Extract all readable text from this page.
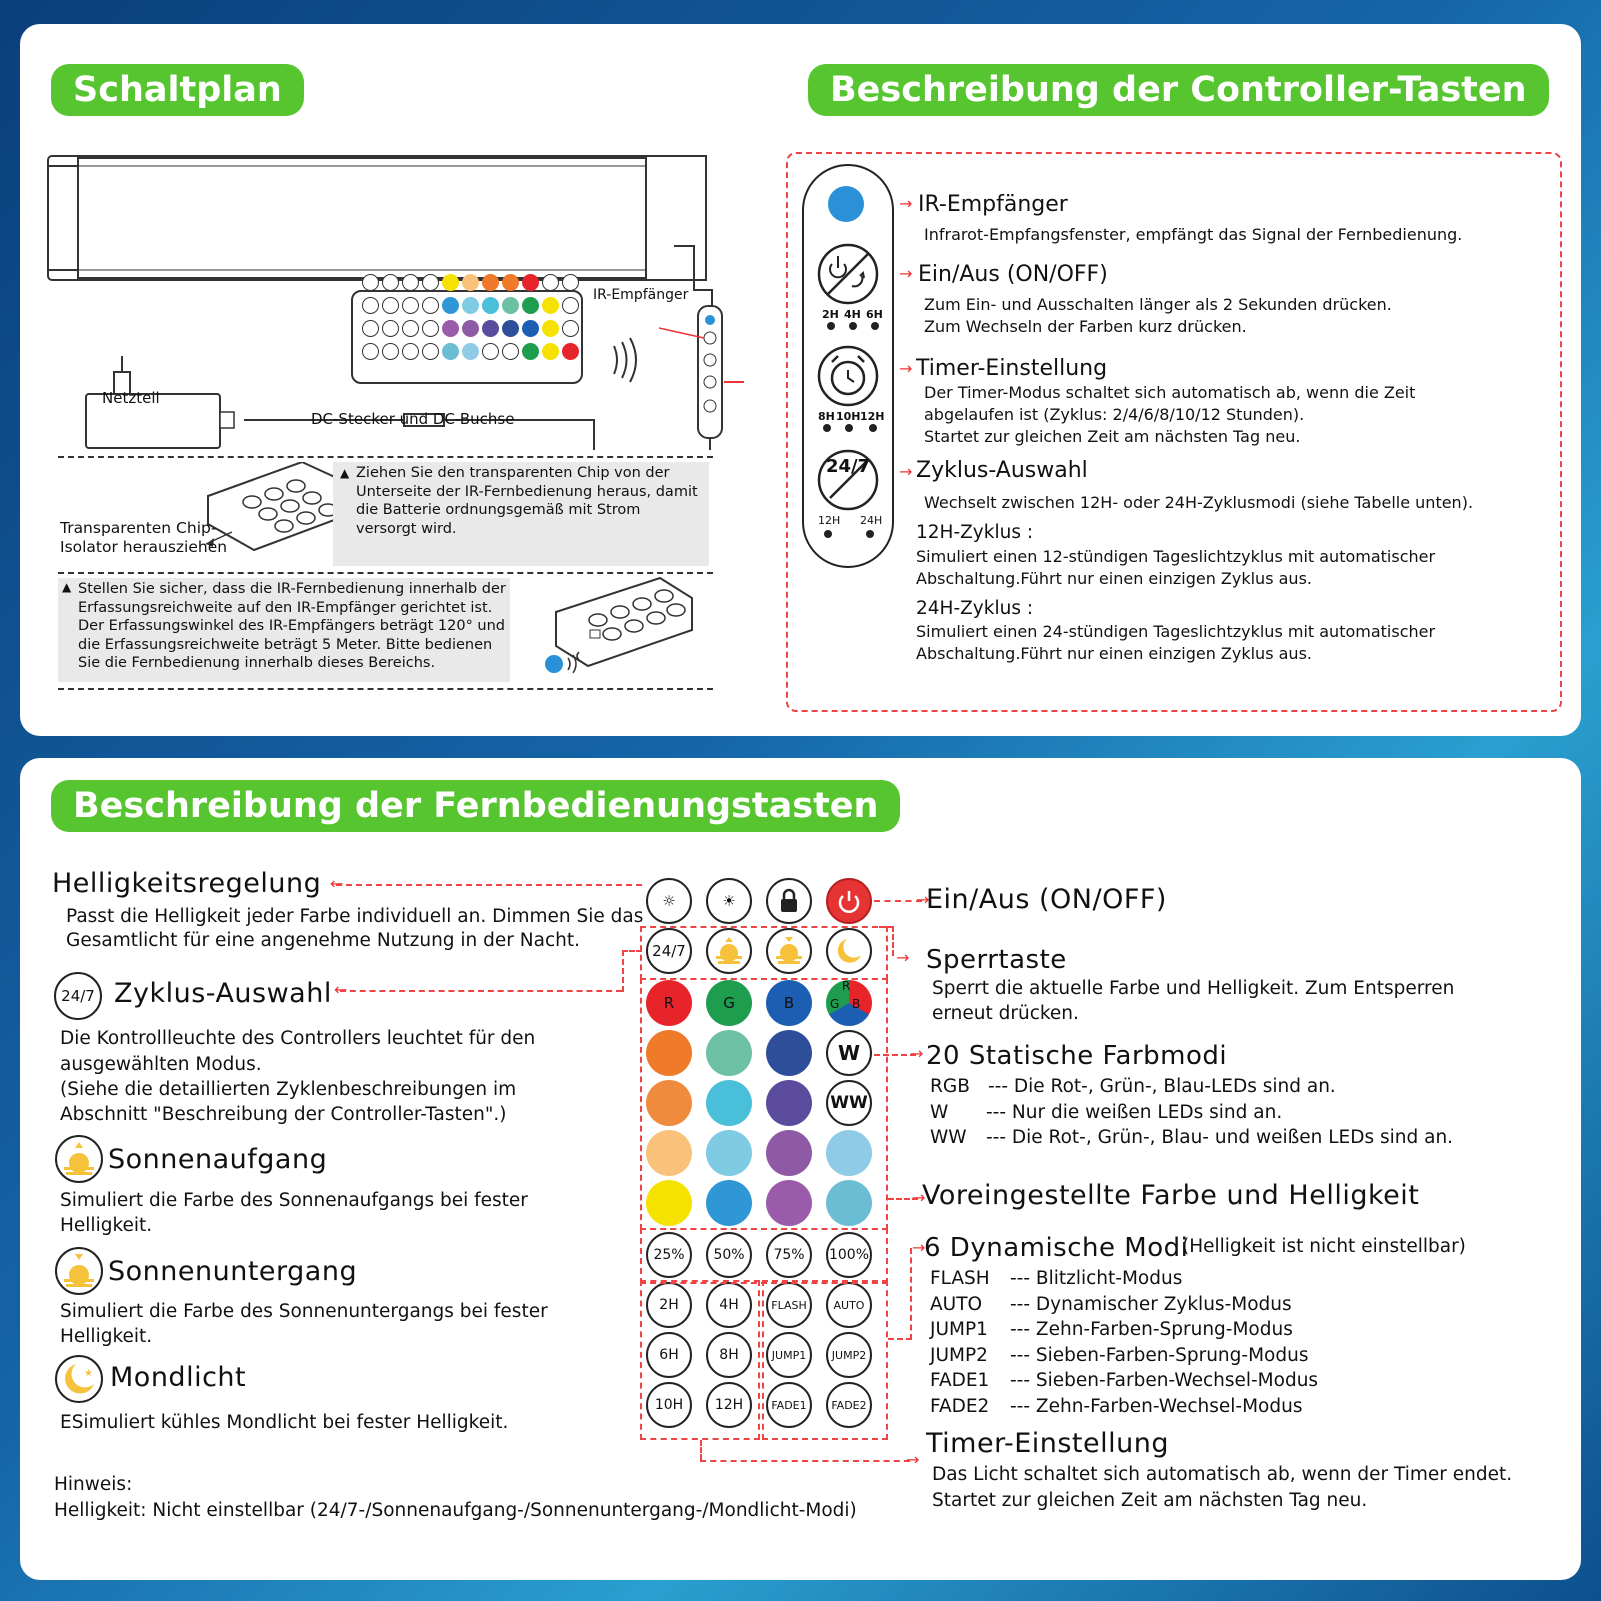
Schaltplan	Beschreibung der Controller-Tasten
IR-Empfänger
Netzteil
DC-Stecker und DC-Buchse
▲ Ziehen Sie den transparenten Chip von der Unterseite der IR-Fernbedienung heraus, damit die Batterie ordnungsgemäß mit Strom versorgt wird.
Transparenten Chip-
Isolator herausziehen
▲ Stellen Sie sicher, dass die IR-Fernbedienung innerhalb der Erfassungsreichweite auf den IR-Empfänger gerichtet ist. Der Erfassungswinkel des IR-Empfängers beträgt 120° und die Erfassungsreichweite beträgt 5 Meter. Bitte bedienen Sie die Fernbedienung innerhalb dieses Bereichs.
2H 4H 6H
8H 10H 12H
24/7
12H 24H
→ IR-Empfänger
Infrarot-Empfangsfenster, empfängt das Signal der Fernbedienung.
→ Ein/Aus (ON/OFF)
Zum Ein- und Ausschalten länger als 2 Sekunden drücken.
Zum Wechseln der Farben kurz drücken.
→ Timer-Einstellung
Der Timer-Modus schaltet sich automatisch ab, wenn die Zeit
abgelaufen ist (Zyklus: 2/4/6/8/10/12 Stunden).
Startet zur gleichen Zeit am nächsten Tag neu.
→ Zyklus-Auswahl
Wechselt zwischen 12H- oder 24H-Zyklusmodi (siehe Tabelle unten).
12H-Zyklus :
Simuliert einen 12-stündigen Tageslichtzyklus mit automatischer
Abschaltung.Führt nur einen einzigen Zyklus aus.
24H-Zyklus :
Simuliert einen 24-stündigen Tageslichtzyklus mit automatischer
Abschaltung.Führt nur einen einzigen Zyklus aus.
Beschreibung der Fernbedienungstasten
Helligkeitsregelung
Passt die Helligkeit jeder Farbe individuell an. Dimmen Sie das
Gesamtlicht für eine angenehme Nutzung in der Nacht.
24/7 Zyklus-Auswahl
Die Kontrollleuchte des Controllers leuchtet für den
ausgewählten Modus.
(Siehe die detaillierten Zyklenbeschreibungen im
Abschnitt "Beschreibung der Controller-Tasten".)
Sonnenaufgang
Simuliert die Farbe des Sonnenaufgangs bei fester
Helligkeit.
Sonnenuntergang
Simuliert die Farbe des Sonnenuntergangs bei fester
Helligkeit.
★ Mondlicht
ESimuliert kühles Mondlicht bei fester Helligkeit.
Hinweis:
Helligkeit: Nicht einstellbar (24/7-/Sonnenaufgang-/Sonnenuntergang-/Mondlicht-Modi)
☼	☀
24/7
R	G	B
R
G B
W
WW
25%	50%	75%	100%
2H	4H
6H	8H
10H	12H
FLASH	AUTO
JUMP1	JUMP2
FADE1	FADE2
←
←
→
→
→
→
→
→
Ein/Aus (ON/OFF)
Sperrtaste
Sperrt die aktuelle Farbe und Helligkeit. Zum Entsperren
erneut drücken.
20 Statische Farbmodi
RGB --- Die Rot-, Grün-, Blau-LEDs sind an.
W --- Nur die weißen LEDs sind an.
WW --- Die Rot-, Grün-, Blau- und weißen LEDs sind an.
Voreingestellte Farbe und Helligkeit
6 Dynamische Modi
(Helligkeit ist nicht einstellbar)
FLASH --- Blitzlicht-Modus
AUTO --- Dynamischer Zyklus-Modus
JUMP1 --- Zehn-Farben-Sprung-Modus
JUMP2 --- Sieben-Farben-Sprung-Modus
FADE1 --- Sieben-Farben-Wechsel-Modus
FADE2 --- Zehn-Farben-Wechsel-Modus
Timer-Einstellung
Das Licht schaltet sich automatisch ab, wenn der Timer endet.
Startet zur gleichen Zeit am nächsten Tag neu.
